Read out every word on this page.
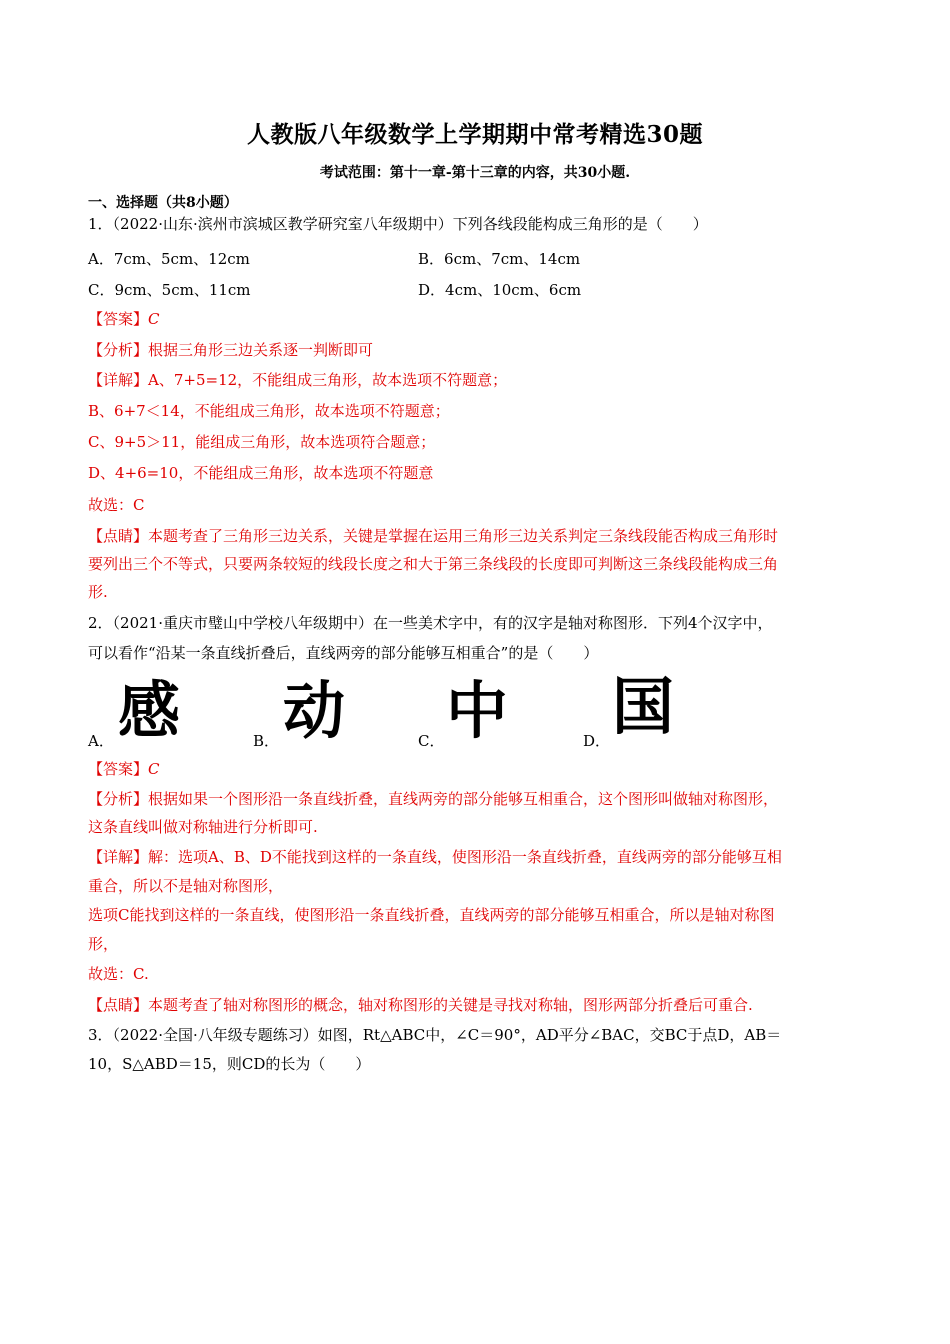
人教版八年级数学上学期期中常考精选30题
考试范围：第十一章-第十三章的内容，共30小题.
一、选择题（共8小题）
1．（2022·山东·滨州市滨城区教学研究室八年级期中）下列各线段能构成三角形的是（　　）
A．7cm、5cm、12cm	B．6cm、7cm、14cm
C．9cm、5cm、11cm	D．4cm、10cm、6cm
【答案】C
【分析】根据三角形三边关系逐一判断即可
【详解】A、7+5=12，不能组成三角形，故本选项不符题意；
B、6+7＜14，不能组成三角形，故本选项不符题意；
C、9+5＞11，能组成三角形，故本选项符合题意；
D、4+6=10，不能组成三角形，故本选项不符题意
故选：C
【点睛】本题考查了三角形三边关系，关键是掌握在运用三角形三边关系判定三条线段能否构成三角形时
要列出三个不等式，只要两条较短的线段长度之和大于第三条线段的长度即可判断这三条线段能构成三角
形.
2．（2021·重庆市璧山中学校八年级期中）在一些美术字中，有的汉字是轴对称图形．下列4个汉字中，
可以看作“沿某一条直线折叠后，直线两旁的部分能够互相重合”的是（　　）
A． 感	B． 动	C． 中	D． 国
【答案】C
【分析】根据如果一个图形沿一条直线折叠，直线两旁的部分能够互相重合，这个图形叫做轴对称图形，
这条直线叫做对称轴进行分析即可.
【详解】解：选项A、B、D不能找到这样的一条直线，使图形沿一条直线折叠，直线两旁的部分能够互相
重合，所以不是轴对称图形，
选项C能找到这样的一条直线，使图形沿一条直线折叠，直线两旁的部分能够互相重合，所以是轴对称图
形，
故选：C.
【点睛】本题考查了轴对称图形的概念，轴对称图形的关键是寻找对称轴，图形两部分折叠后可重合.
3．（2022·全国·八年级专题练习）如图，Rt△ABC中，∠C＝90°，AD平分∠BAC，交BC于点D，AB＝
10，S△ABD＝15，则CD的长为（　　）
